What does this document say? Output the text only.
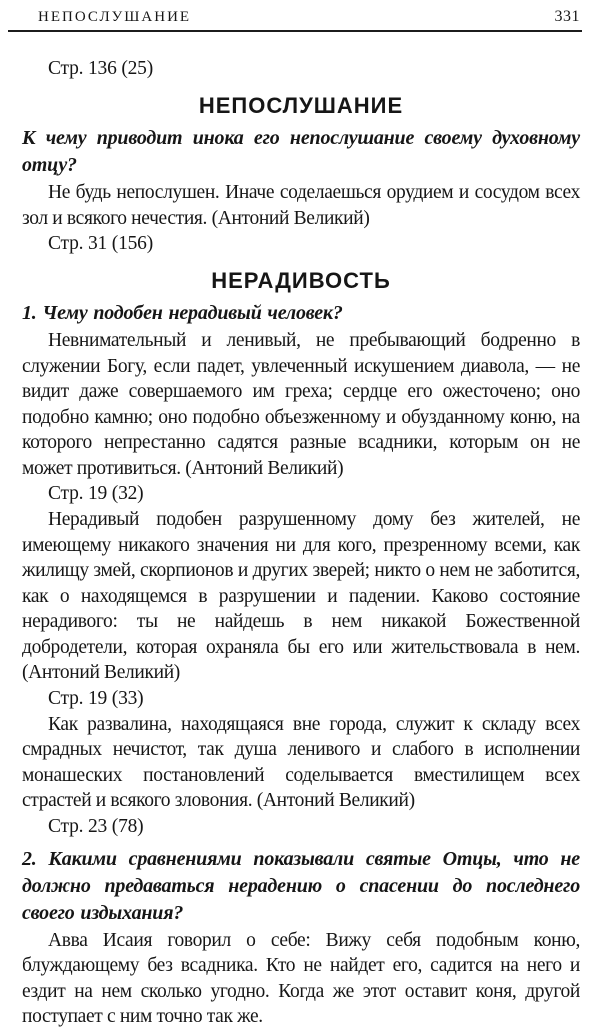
НЕПОСЛУШАНИЕ	331

Стр. 136 (25)

НЕПОСЛУШАНИЕ

К чему приводит инока его непослушание своему духовному отцу?

Не будь непослушен. Иначе соделаешься орудием и сосудом всех зол и всякого нечестия. (Антоний Великий)

Стр. 31 (156)

НЕРАДИВОСТЬ

1. Чему подобен нерадивый человек?

Невнимательный и ленивый, не пребывающий бодренно в служении Богу, если падет, увлеченный искушением диавола, — не видит даже совершаемого им греха; сердце его ожесточено; оно подобно камню; оно подобно объезженному и обузданному коню, на которого непрестанно садятся разные всадники, которым он не может противиться. (Антоний Великий)

Стр. 19 (32)

Нерадивый подобен разрушенному дому без жителей, не имеющему никакого значения ни для кого, презренному всеми, как жилищу змей, скорпионов и других зверей; никто о нем не заботится, как о находящемся в разрушении и падении. Каково состояние нерадивого: ты не найдешь в нем никакой Божественной добродетели, которая охраняла бы его или жительствовала в нем. (Антоний Великий)

Стр. 19 (33)

Как развалина, находящаяся вне города, служит к складу всех смрадных нечистот, так душа ленивого и слабого в исполнении монашеских постановлений соделывается вместилищем всех страстей и всякого зловония. (Антоний Великий)

Стр. 23 (78)

2. Какими сравнениями показывали святые Отцы, что не должно предаваться нерадению о спасении до последнего своего издыхания?

Авва Исаия говорил о себе: Вижу себя подобным коню, блуждающему без всадника. Кто не найдет его, садится на него и ездит на нем сколько угодно. Когда же этот оставит коня, другой поступает с ним точно так же.
